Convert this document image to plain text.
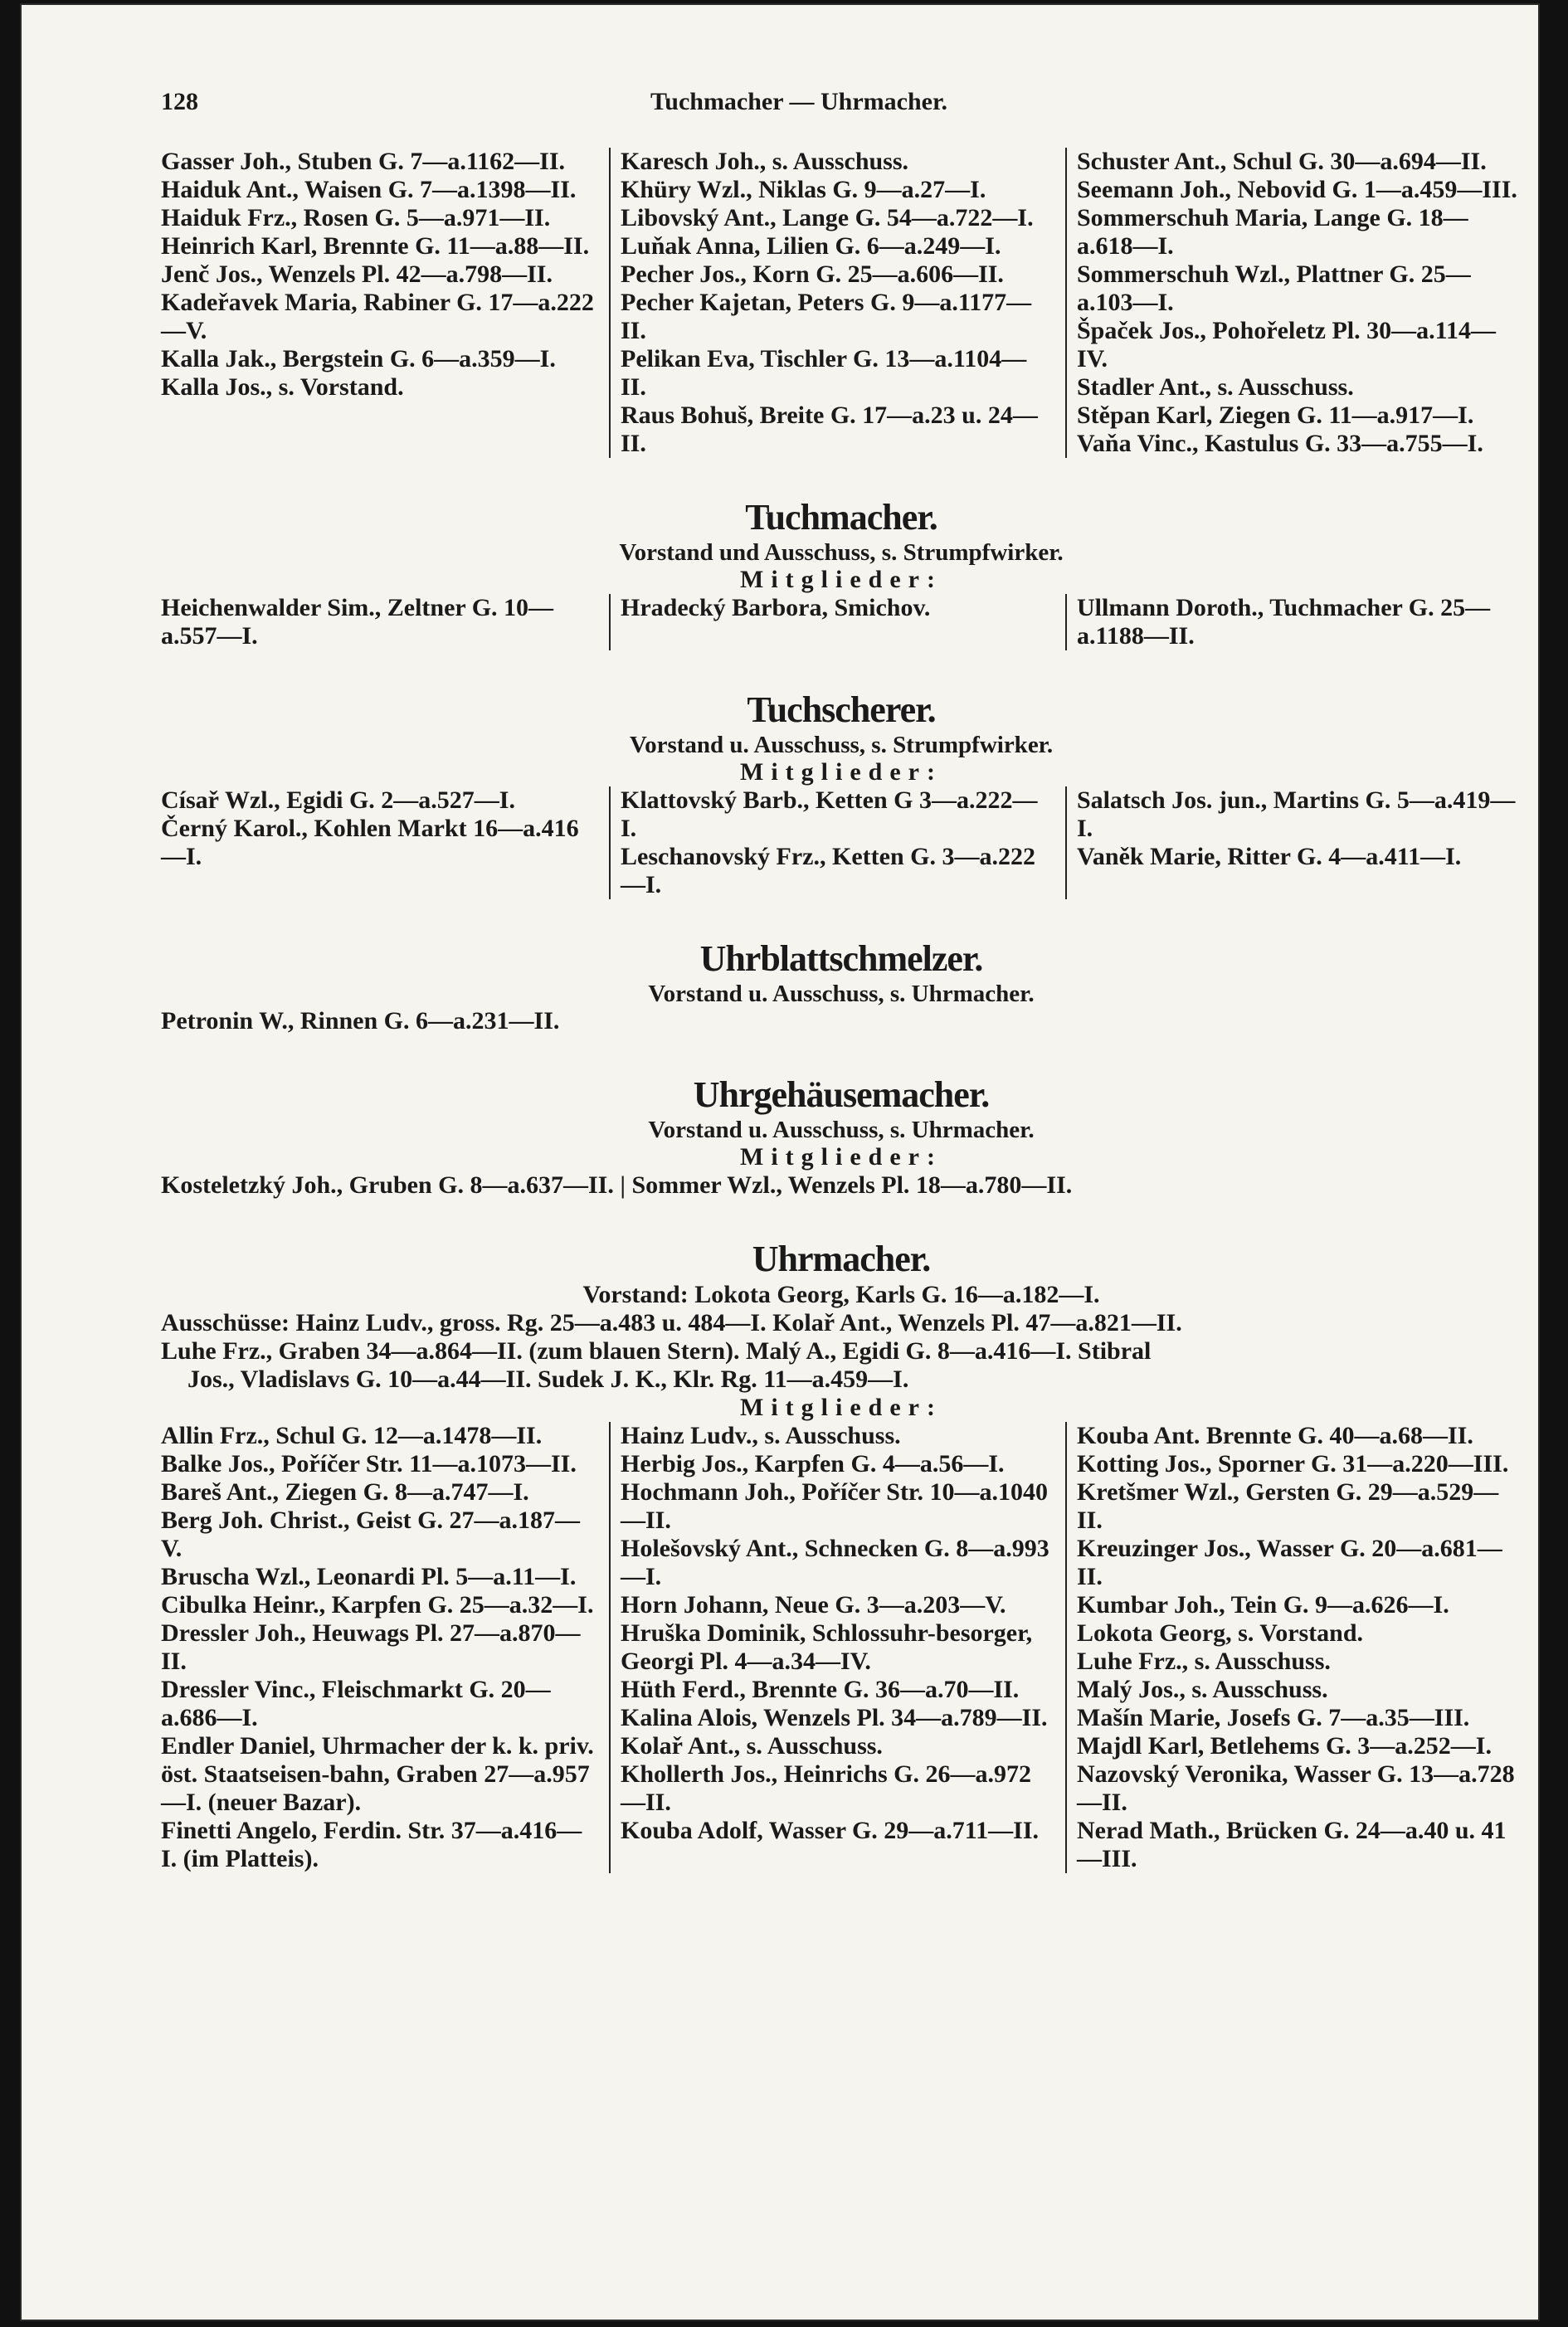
128	Tuchmacher — Uhrmacher.
Gasser Joh., Stuben G. 7—a.1162—II.
Haiduk Ant., Waisen G. 7—a.1398—II.
Haiduk Frz., Rosen G. 5—a.971—II.
Heinrich Karl, Brennte G. 11—a.88—II.
Jenč Jos., Wenzels Pl. 42—a.798—II.
Kadeřavek Maria, Rabiner G. 17—a.222—V.
Kalla Jak., Bergstein G. 6—a.359—I.
Kalla Jos., s. Vorstand.
Karesch Joh., s. Ausschuss.
Khüry Wzl., Niklas G. 9—a.27—I.
Libovský Ant., Lange G. 54—a.722—I.
Luňak Anna, Lilien G. 6—a.249—I.
Pecher Jos., Korn G. 25—a.606—II.
Pecher Kajetan, Peters G. 9—a.1177—II.
Pelikan Eva, Tischler G. 13—a.1104—II.
Raus Bohuš, Breite G. 17—a.23 u. 24—II.
Schuster Ant., Schul G. 30—a.694—II.
Seemann Joh., Nebovid G. 1—a.459—III.
Sommerschuh Maria, Lange G. 18—a.618—I.
Sommerschuh Wzl., Plattner G. 25—a.103—I.
Špaček Jos., Pohořeletz Pl. 30—a.114—IV.
Stadler Ant., s. Ausschuss.
Stěpan Karl, Ziegen G. 11—a.917—I.
Vaňa Vinc., Kastulus G. 33—a.755—I.
Tuchmacher.
Vorstand und Ausschuss, s. Strumpfwirker.
Mitglieder:
Heichenwalder Sim., Zeltner G. 10—a.557—I.
Hradecký Barbora, Smichov.	Ullmann Doroth., Tuchmacher G. 25—a.1188—II.
Tuchscherer.
Vorstand u. Ausschuss, s. Strumpfwirker.
Mitglieder:
Císař Wzl., Egidi G. 2—a.527—I.
Černý Karol., Kohlen Markt 16—a.416—I.
Klattovský Barb., Ketten G 3—a.222—I.
Leschanovský Frz., Ketten G. 3—a.222—I.
Salatsch Jos. jun., Martins G. 5—a.419—I.
Vaněk Marie, Ritter G. 4—a.411—I.
Uhrblattschmelzer.
Vorstand u. Ausschuss, s. Uhrmacher.
Petronin W., Rinnen G. 6—a.231—II.
Uhrgehäusemacher.
Vorstand u. Ausschuss, s. Uhrmacher.
Mitglieder:
Kosteletzký Joh., Gruben G. 8—a.637—II. | Sommer Wzl., Wenzels Pl. 18—a.780—II.
Uhrmacher.
Vorstand: Lokota Georg, Karls G. 16—a.182—I.
Ausschüsse: Hainz Ludv., gross. Rg. 25—a.483 u. 484—I. Kolař Ant., Wenzels Pl. 47—a.821—II.
Luhe Frz., Graben 34—a.864—II. (zum blauen Stern). Malý A., Egidi G. 8—a.416—I. Stibral
Jos., Vladislavs G. 10—a.44—II. Sudek J. K., Klr. Rg. 11—a.459—I.
Mitglieder:
Allin Frz., Schul G. 12—a.1478—II.
Balke Jos., Poříčer Str. 11—a.1073—II.
Bareš Ant., Ziegen G. 8—a.747—I.
Berg Joh. Christ., Geist G. 27—a.187—V.
Bruscha Wzl., Leonardi Pl. 5—a.11—I.
Cibulka Heinr., Karpfen G. 25—a.32—I.
Dressler Joh., Heuwags Pl. 27—a.870—II.
Dressler Vinc., Fleischmarkt G. 20—a.686—I.
Endler Daniel, Uhrmacher der k. k. priv. öst. Staatseisen-bahn, Graben 27—a.957—I. (neuer Bazar).
Finetti Angelo, Ferdin. Str. 37—a.416—I. (im Platteis).
Hainz Ludv., s. Ausschuss.
Herbig Jos., Karpfen G. 4—a.56—I.
Hochmann Joh., Poříčer Str. 10—a.1040—II.
Holešovský Ant., Schnecken G. 8—a.993—I.
Horn Johann, Neue G. 3—a.203—V.
Hruška Dominik, Schlossuhr-besorger, Georgi Pl. 4—a.34—IV.
Hüth Ferd., Brennte G. 36—a.70—II.
Kalina Alois, Wenzels Pl. 34—a.789—II.
Kolař Ant., s. Ausschuss.
Khollerth Jos., Heinrichs G. 26—a.972—II.
Kouba Adolf, Wasser G. 29—a.711—II.
Kouba Ant. Brennte G. 40—a.68—II.
Kotting Jos., Sporner G. 31—a.220—III.
Kretšmer Wzl., Gersten G. 29—a.529—II.
Kreuzinger Jos., Wasser G. 20—a.681—II.
Kumbar Joh., Tein G. 9—a.626—I.
Lokota Georg, s. Vorstand.
Luhe Frz., s. Ausschuss.
Malý Jos., s. Ausschuss.
Mašín Marie, Josefs G. 7—a.35—III.
Majdl Karl, Betlehems G. 3—a.252—I.
Nazovský Veronika, Wasser G. 13—a.728—II.
Nerad Math., Brücken G. 24—a.40 u. 41—III.
